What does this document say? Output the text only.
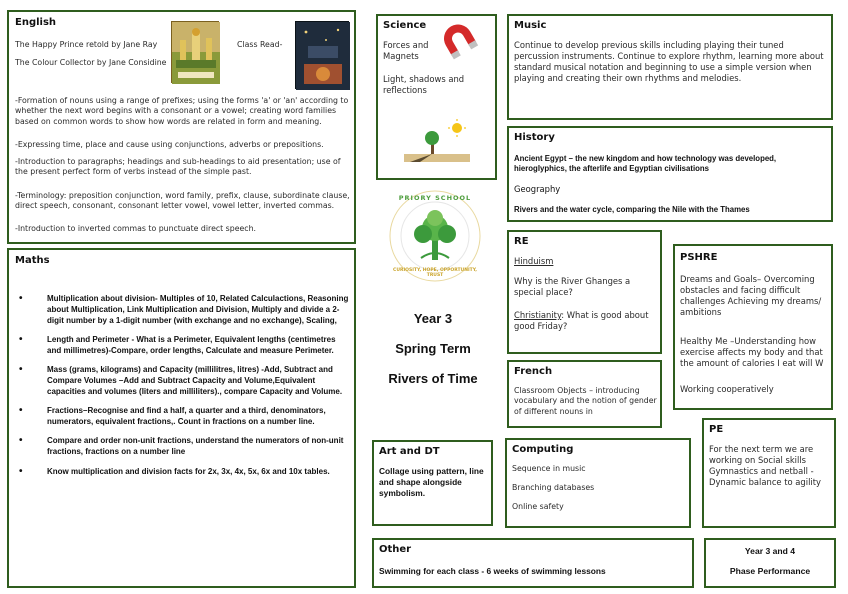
English
The Happy Prince retold by Jane Ray
The Colour Collector by Jane Considine
Class Read-
-Formation of nouns using a range of prefixes; using the forms 'a' or 'an' according to whether the next word begins with a consonant or a vowel; creating word families based on common words to show how words are related in form and meaning.
-Expressing time, place and cause using conjunctions, adverbs or prepositions.
-Introduction to paragraphs; headings and sub-headings to aid presentation; use of the present perfect form of verbs instead of the simple past.
-Terminology: preposition conjunction, word family, prefix, clause, subordinate clause, direct speech, consonant, consonant letter vowel, vowel letter, inverted commas.
-Introduction to inverted commas to punctuate direct speech.
Science
Forces and Magnets
Light, shadows and reflections
Music
Continue to develop previous skills including playing their tuned percussion instruments. Continue to explore rhythm, learning more about standard musical notation and beginning to use a simple version when playing and creating their own rhythms and melodies.
History
Ancient Egypt – the new kingdom and how technology was developed, hieroglyphics, the afterlife and Egyptian civilisations
Geography
Rivers and the water cycle, comparing the Nile with the Thames
PRIORY SCHOOL
CURIOSITY, HOPE, OPPORTUNITY, TRUST
Year 3
Spring Term
Rivers of Time
Maths
• Multiplication about division- Multiples of 10, Related Calculactions, Reasoning about Multiplication, Link Multiplication and Division, Multiply and divide a 2- digit number by a 1-digit number (with exchange and no exchange), Scaling,
• Length and Perimeter - What is a Perimeter, Equivalent lengths (centimetres and millimetres)-Compare, order lengths, Calculate and measure Perimeter.
• Mass (grams, kilograms) and Capacity (millilitres, litres) -Add, Subtract and Compare Volumes –Add and Subtract Capacity and Volume,Equivalent capacities and volumes (liters and milliliters)., compare Capacity and Volume.
• Fractions–Recognise and find a half, a quarter and a third, denominators, numerators, equivalent fractions,. Count in fractions on a number line.
• Compare and order non-unit fractions, understand the numerators of non-unit fractions, fractions on a number line
• Know multiplication and division facts for 2x, 3x, 4x, 5x, 6x and 10x tables.
RE
Hinduism
Why is the River Ghanges a special place?
Christianity: What is good about good Friday?
PSHRE
Dreams and Goals– Overcoming obstacles and facing difficult challenges Achieving my dreams/ ambitions
Healthy Me –Understanding how exercise affects my body and that the amount of calories I eat will W
Working cooperatively
French
Classroom Objects – introducing vocabulary and the notion of gender of different nouns in
Art and DT
Collage using pattern, line and shape alongside symbolism.
Computing
Sequence in music
Branching databases
Online safety
PE
For the next term we are working on Social skills Gymnastics and netball - Dynamic balance to agility
Other
Swimming for each class - 6 weeks of swimming lessons
Year 3 and 4
Phase Performance
